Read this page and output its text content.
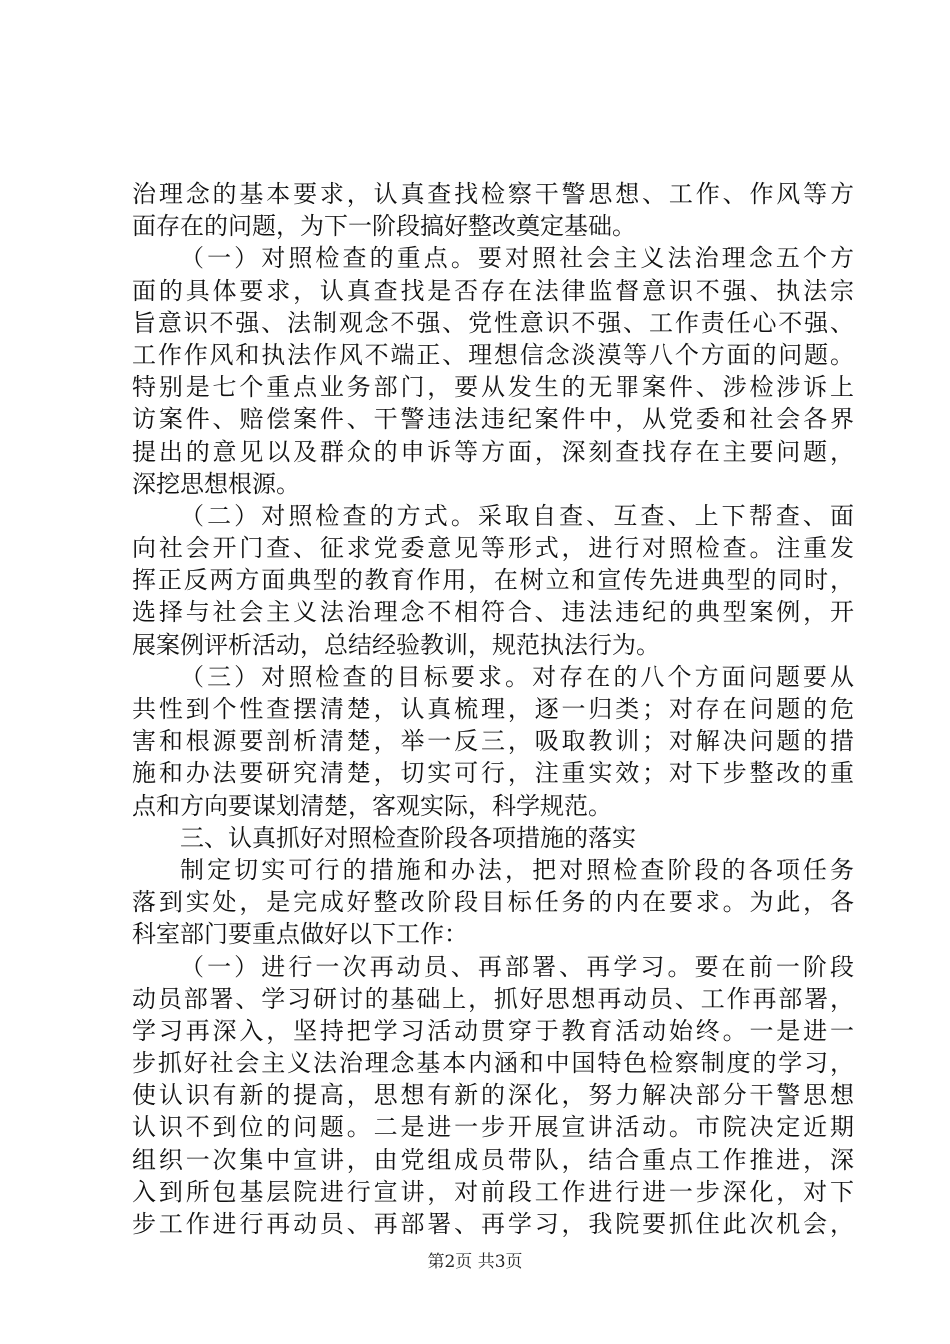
治理念的基本要求，认真查找检察干警思想、工作、作风等方
面存在的问题，为下一阶段搞好整改奠定基础。
（一）对照检查的重点。要对照社会主义法治理念五个方
面的具体要求，认真查找是否存在法律监督意识不强、执法宗
旨意识不强、法制观念不强、党性意识不强、工作责任心不强、
工作作风和执法作风不端正、理想信念淡漠等八个方面的问题。
特别是七个重点业务部门，要从发生的无罪案件、涉检涉诉上
访案件、赔偿案件、干警违法违纪案件中，从党委和社会各界
提出的意见以及群众的申诉等方面，深刻查找存在主要问题，
深挖思想根源。
（二）对照检查的方式。采取自查、互查、上下帮查、面
向社会开门查、征求党委意见等形式，进行对照检查。注重发
挥正反两方面典型的教育作用，在树立和宣传先进典型的同时，
选择与社会主义法治理念不相符合、违法违纪的典型案例，开
展案例评析活动，总结经验教训，规范执法行为。
（三）对照检查的目标要求。对存在的八个方面问题要从
共性到个性查摆清楚，认真梳理，逐一归类；对存在问题的危
害和根源要剖析清楚，举一反三，吸取教训；对解决问题的措
施和办法要研究清楚，切实可行，注重实效；对下步整改的重
点和方向要谋划清楚，客观实际，科学规范。
三、认真抓好对照检查阶段各项措施的落实
制定切实可行的措施和办法，把对照检查阶段的各项任务
落到实处，是完成好整改阶段目标任务的内在要求。为此，各
科室部门要重点做好以下工作：
（一）进行一次再动员、再部署、再学习。要在前一阶段
动员部署、学习研讨的基础上，抓好思想再动员、工作再部署，
学习再深入，坚持把学习活动贯穿于教育活动始终。一是进一
步抓好社会主义法治理念基本内涵和中国特色检察制度的学习，
使认识有新的提高，思想有新的深化，努力解决部分干警思想
认识不到位的问题。二是进一步开展宣讲活动。市院决定近期
组织一次集中宣讲，由党组成员带队，结合重点工作推进，深
入到所包基层院进行宣讲，对前段工作进行进一步深化，对下
步工作进行再动员、再部署、再学习，我院要抓住此次机会，
第2页 共3页
